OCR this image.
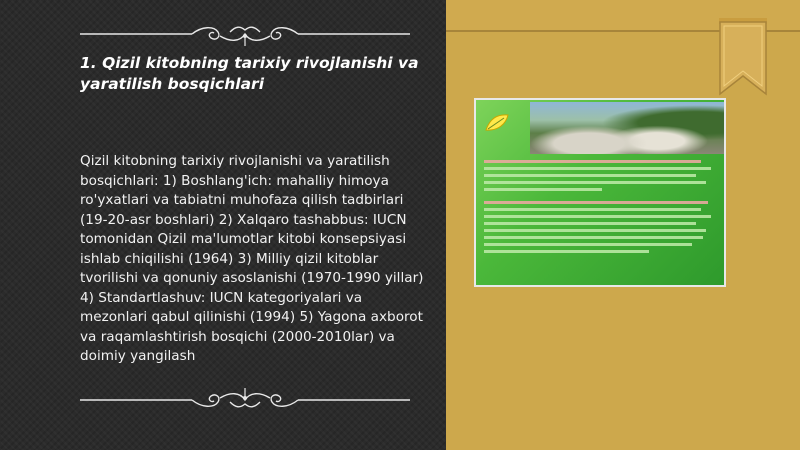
1. Qizil kitobning tarixiy rivojlanishi va yaratilish bosqichlari
Qizil kitobning tarixiy rivojlanishi va yaratilish bosqichlari: 1) Boshlang'ich: mahalliy himoya ro'yxatlari va tabiatni muhofaza qilish tadbirlari (19-20-asr boshlari) 2) Xalqaro tashabbus: IUCN tomonidan Qizil ma'lumotlar kitobi konsepsiyasi ishlab chiqilishi (1964) 3) Milliy qizil kitoblar tvorilishi va qonuniy asoslanishi (1970-1990 yillar) 4) Standartlashuv: IUCN kategoriyalari va mezonlari qabul qilinishi (1994) 5) Yagona axborot va raqamlashtirish bosqichi (2000-2010lar) va doimiy yangilash
